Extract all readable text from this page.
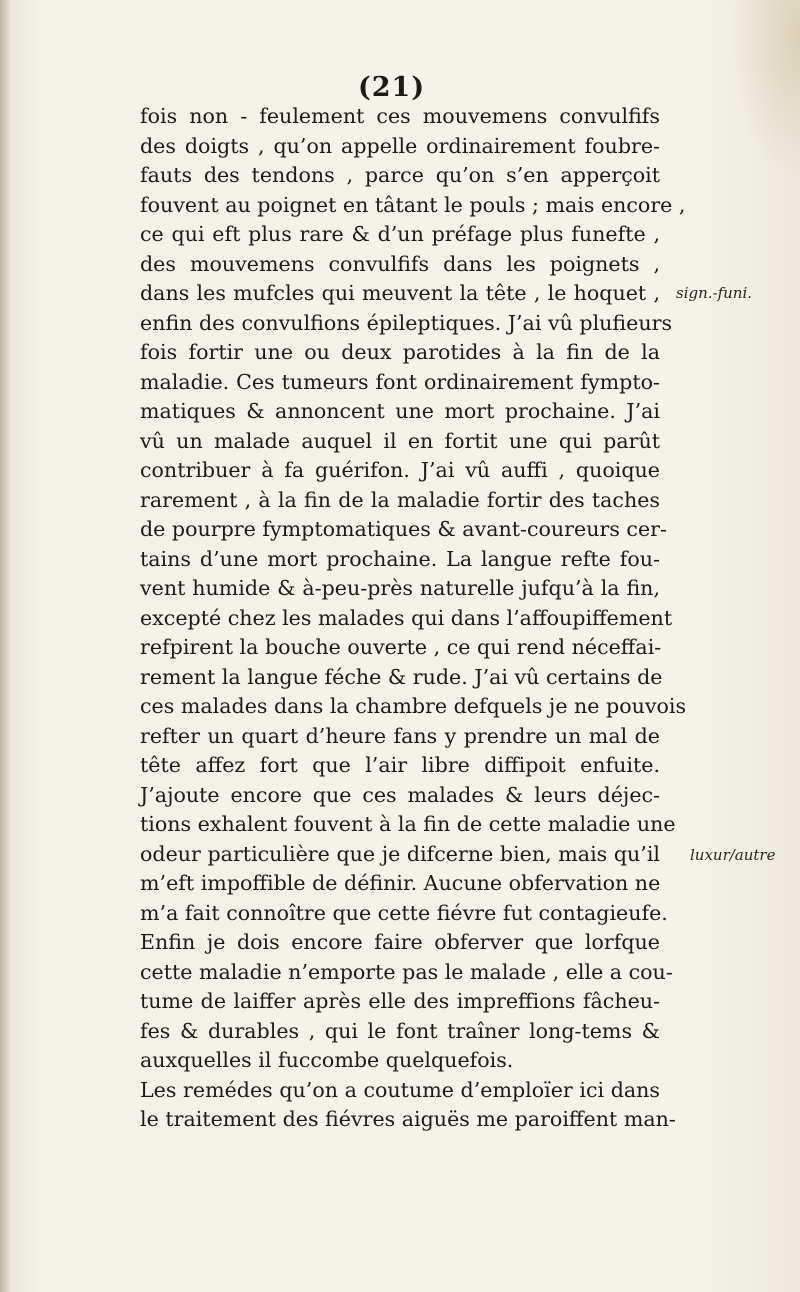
(21)

fois non - feulement ces mouvemens convulfifs
des doigts , qu’on appelle ordinairement foubre-
fauts des tendons , parce qu’on s’en apperçoit
fouvent au poignet en tâtant le pouls ; mais encore ,
ce qui eft plus rare & d’un préfage plus funefte ,
des mouvemens convulfifs dans les poignets ,
dans les mufcles qui meuvent la tête , le hoquet ,
enfin des convulfions épileptiques. J’ai vû plufieurs
fois fortir une ou deux parotides à la fin de la
maladie. Ces tumeurs font ordinairement fympto-
matiques & annoncent une mort prochaine. J’ai
vû un malade auquel il en fortit une qui parût
contribuer à fa guérifon. J’ai vû auffi , quoique
rarement , à la fin de la maladie fortir des taches
de pourpre fymptomatiques & avant-coureurs cer-
tains d’une mort prochaine. La langue refte fou-
vent humide & à-peu-près naturelle jufqu’à la fin,
excepté chez les malades qui dans l’affoupiffement
refpirent la bouche ouverte , ce qui rend néceffai-
rement la langue féche & rude. J’ai vû certains de
ces malades dans la chambre defquels je ne pouvois
refter un quart d’heure fans y prendre un mal de
tête affez fort que l’air libre diffipoit enfuite.
J’ajoute encore que ces malades & leurs déjec-
tions exhalent fouvent à la fin de cette maladie une
odeur particulière que je difcerne bien, mais qu’il
m’eft impoffible de définir. Aucune obfervation ne
m’a fait connoître que cette fiévre fut contagieufe.
Enfin je dois encore faire obferver que lorfque
cette maladie n’emporte pas le malade , elle a cou-
tume de laiffer après elle des impreffions fâcheu-
fes & durables , qui le font traîner long-tems &
auxquelles il fuccombe quelquefois.
Les remédes qu’on a coutume d’emploïer ici dans
le traitement des fiévres aiguës me paroiffent man-

sign.-funi.
luxur/autre
